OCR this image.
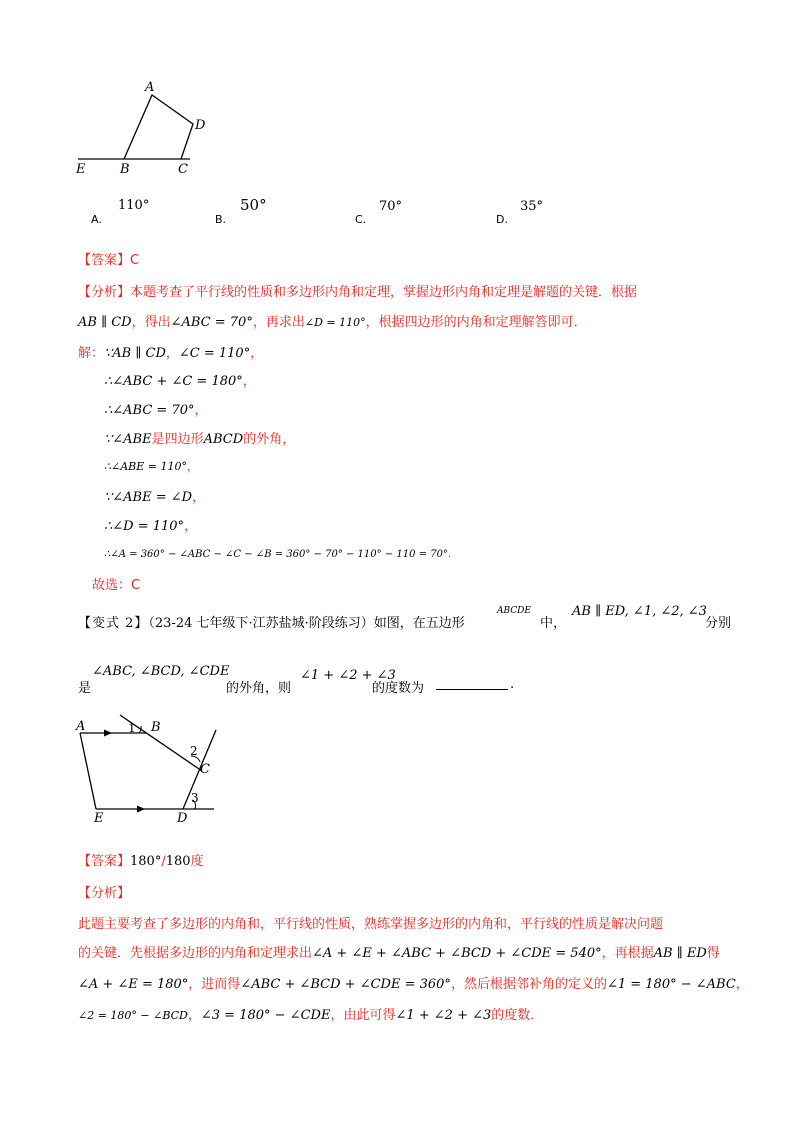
A
D
E	B	C
A.
110°
B.
50°
C.
70°
D.
35°
【答案】C
【分析】本题考查了平行线的性质和多边形内角和定理，掌握边形内角和定理是解题的关键．根据
AB ∥ CD，得出∠ABC = 70°，再求出∠D = 110°，根据四边形的内角和定理解答即可．
解：∵AB ∥ CD，∠C = 110°，
∴∠ABC + ∠C = 180°，
∴∠ABC = 70°，
∵∠ABE是四边形ABCD的外角，
∴∠ABE = 110°，
∵∠ABE = ∠D，
∴∠D = 110°，
∴∠A = 360° − ∠ABC − ∠C − ∠B = 360° − 70° − 110° − 110 = 70°．
故选：C
【变式 2】（23-24 七年级下·江苏盐城·阶段练习）如图，在五边形
ABCDE
中，
AB ∥ ED, ∠1, ∠2, ∠3
分别
是
∠ABC, ∠BCD, ∠CDE
的外角，则
∠1 + ∠2 + ∠3
的度数为	.
A	B
C
D
E
1
2
3
【答案】180°/180度
【分析】
此题主要考查了多边形的内角和，平行线的性质，熟练掌握多边形的内角和，平行线的性质是解决问题
的关键．先根据多边形的内角和定理求出∠A + ∠E + ∠ABC + ∠BCD + ∠CDE = 540°，再根据AB ∥ ED得
∠A + ∠E = 180°，进而得∠ABC + ∠BCD + ∠CDE = 360°，然后根据邻补角的定义的∠1 = 180° − ∠ABC，
∠2 = 180° − ∠BCD，∠3 = 180° − ∠CDE，由此可得∠1 + ∠2 + ∠3的度数．
